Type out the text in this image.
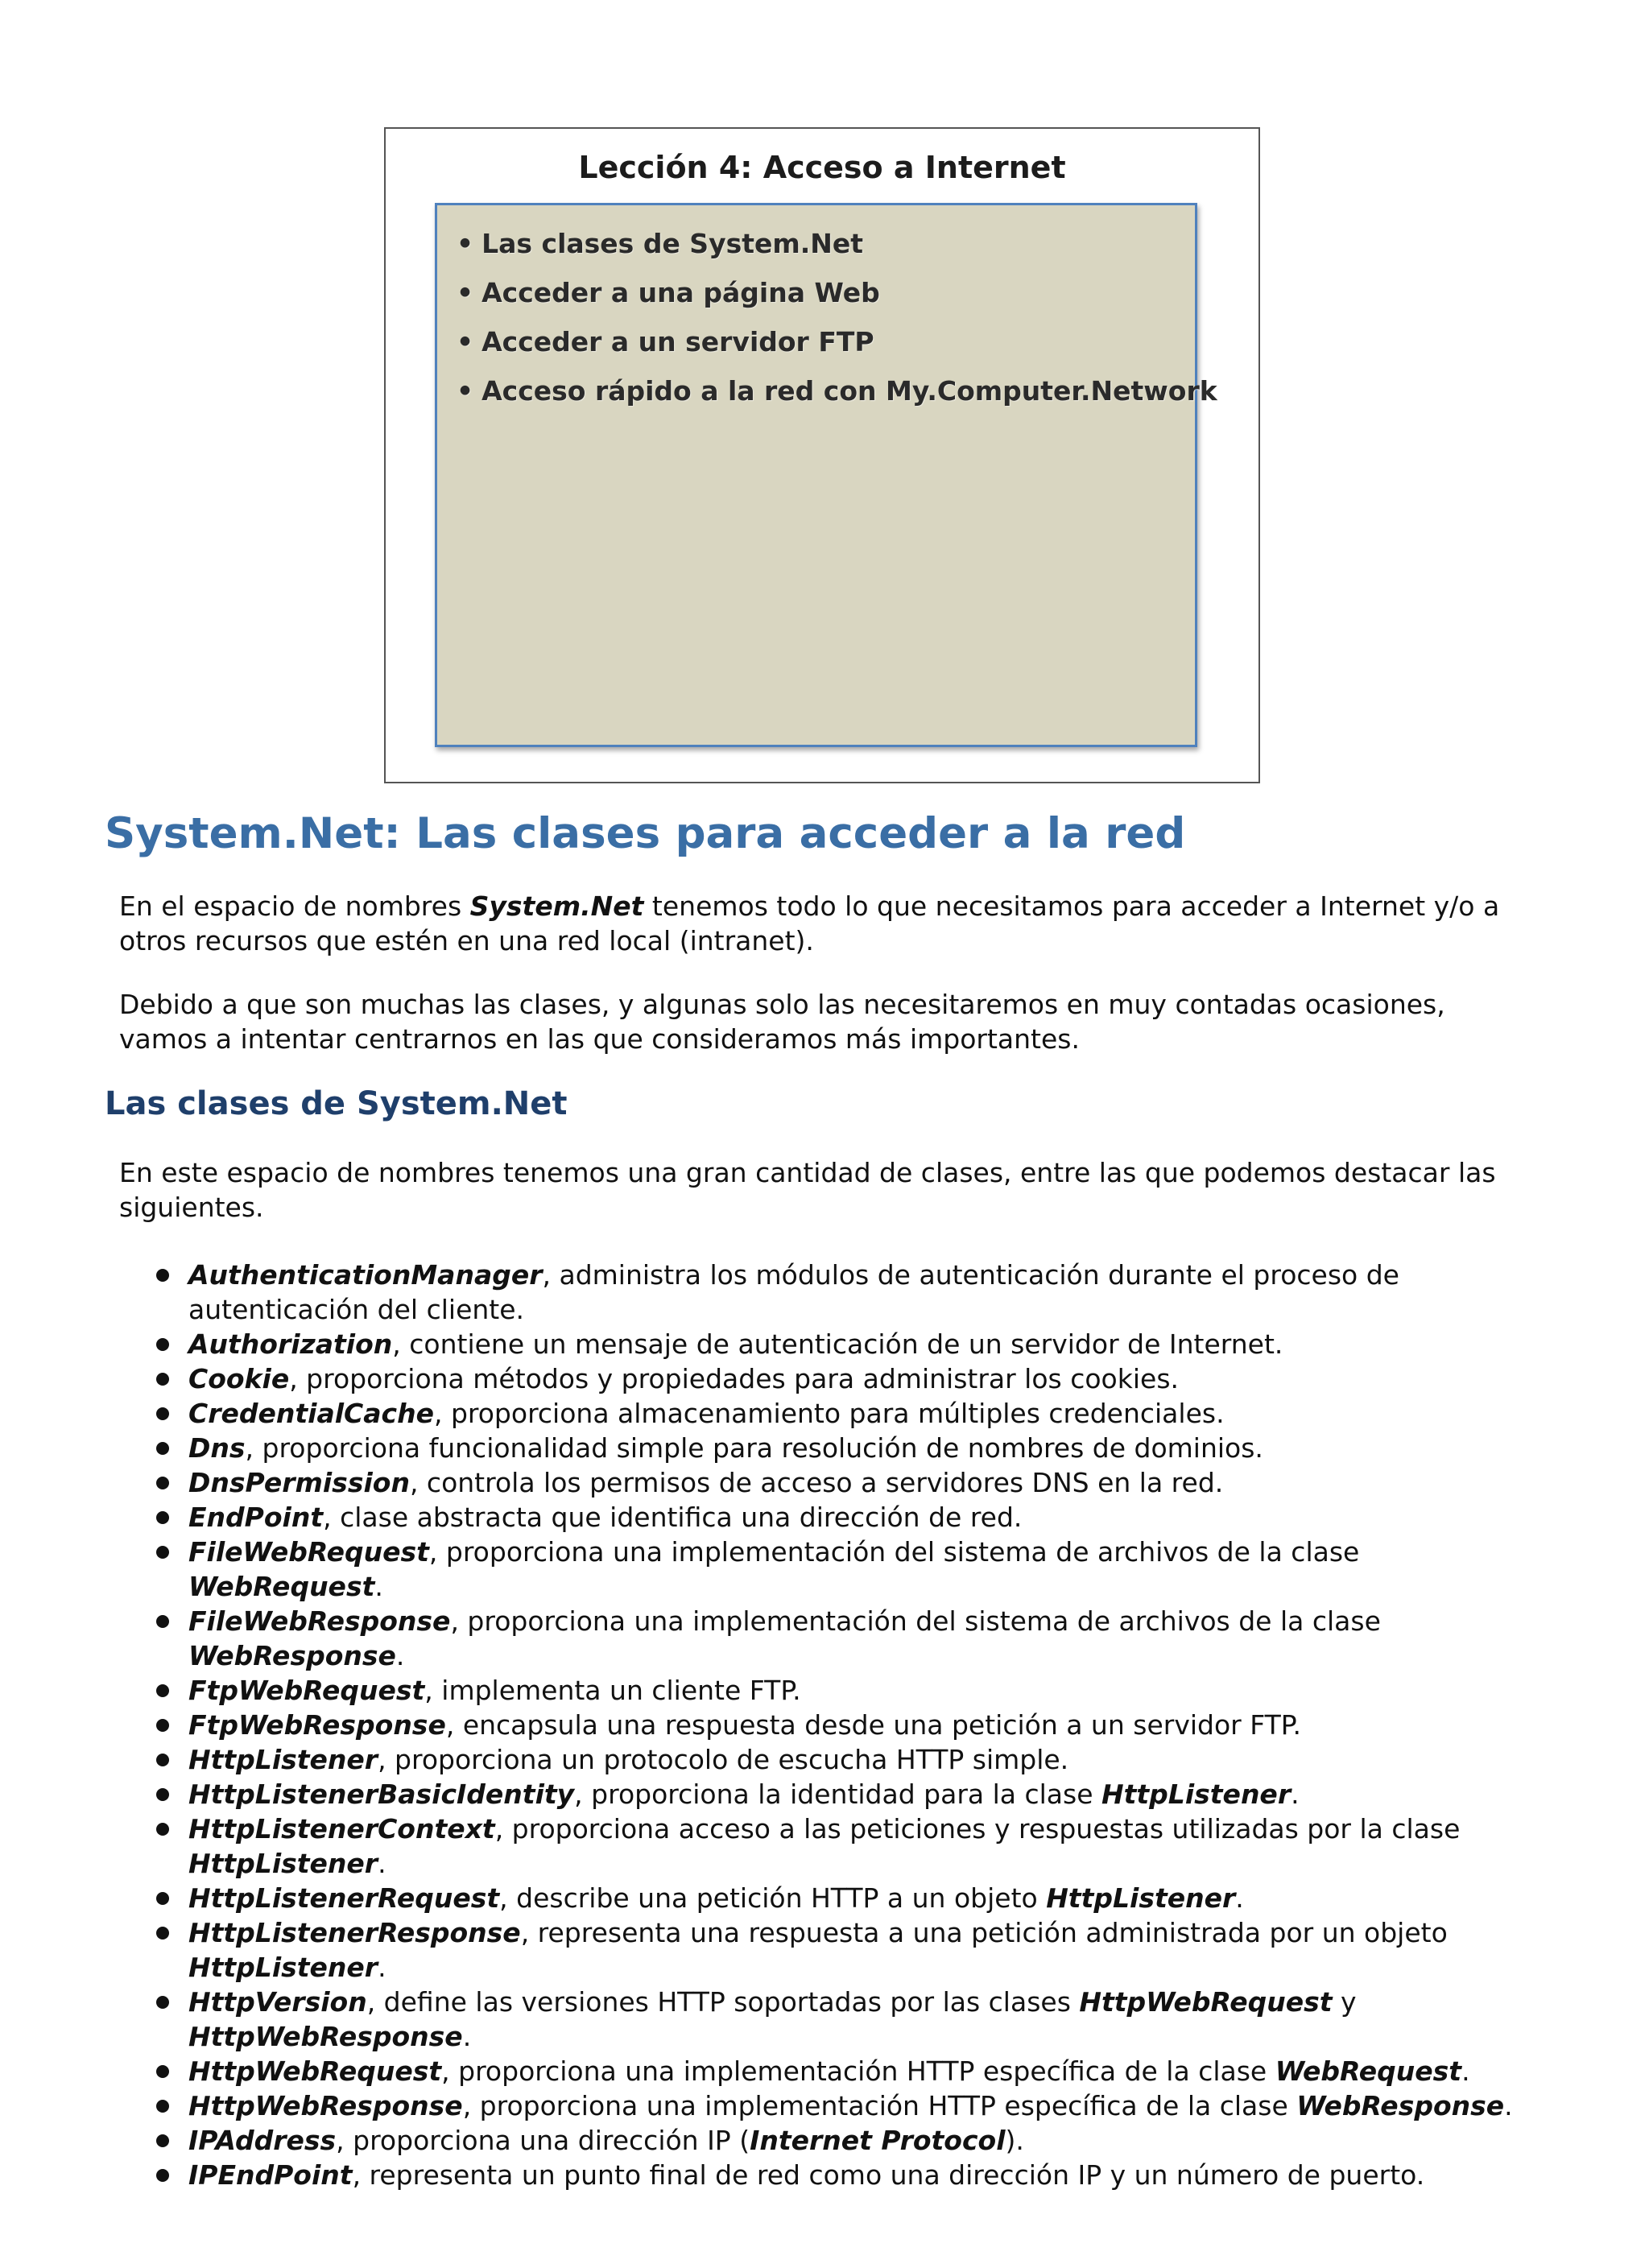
Lección 4: Acceso a Internet
• Las clases de System.Net
• Acceder a una página Web
• Acceder a un servidor FTP
• Acceso rápido a la red con My.Computer.Network
System.Net: Las clases para acceder a la red

En el espacio de nombres System.Net tenemos todo lo que necesitamos para acceder a Internet y/o a otros recursos que estén en una red local (intranet).

Debido a que son muchas las clases, y algunas solo las necesitaremos en muy contadas ocasiones, vamos a intentar centrarnos en las que consideramos más importantes.

Las clases de System.Net

En este espacio de nombres tenemos una gran cantidad de clases, entre las que podemos destacar las siguientes.

AuthenticationManager, administra los módulos de autenticación durante el proceso de autenticación del cliente.
Authorization, contiene un mensaje de autenticación de un servidor de Internet.
Cookie, proporciona métodos y propiedades para administrar los cookies.
CredentialCache, proporciona almacenamiento para múltiples credenciales.
Dns, proporciona funcionalidad simple para resolución de nombres de dominios.
DnsPermission, controla los permisos de acceso a servidores DNS en la red.
EndPoint, clase abstracta que identifica una dirección de red.
FileWebRequest, proporciona una implementación del sistema de archivos de la clase WebRequest.
FileWebResponse, proporciona una implementación del sistema de archivos de la clase WebResponse.
FtpWebRequest, implementa un cliente FTP.
FtpWebResponse, encapsula una respuesta desde una petición a un servidor FTP.
HttpListener, proporciona un protocolo de escucha HTTP simple.
HttpListenerBasicIdentity, proporciona la identidad para la clase HttpListener.
HttpListenerContext, proporciona acceso a las peticiones y respuestas utilizadas por la clase HttpListener.
HttpListenerRequest, describe una petición HTTP a un objeto HttpListener.
HttpListenerResponse, representa una respuesta a una petición administrada por un objeto HttpListener.
HttpVersion, define las versiones HTTP soportadas por las clases HttpWebRequest y HttpWebResponse.
HttpWebRequest, proporciona una implementación HTTP específica de la clase WebRequest.
HttpWebResponse, proporciona una implementación HTTP específica de la clase WebResponse.
IPAddress, proporciona una dirección IP (Internet Protocol).
IPEndPoint, representa un punto final de red como una dirección IP y un número de puerto.
